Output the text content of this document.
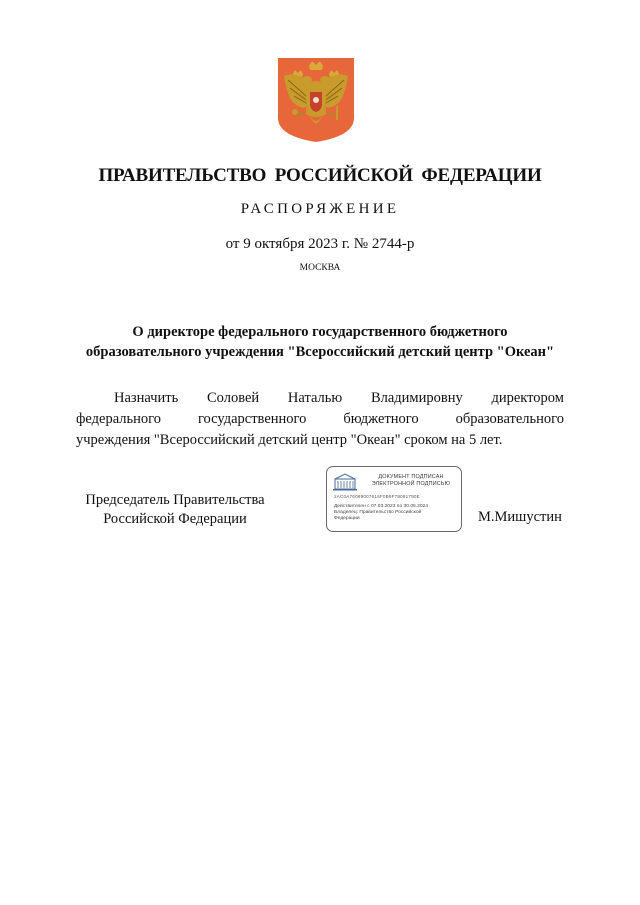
ПРАВИТЕЛЬСТВО РОССИЙСКОЙ ФЕДЕРАЦИИ
РАСПОРЯЖЕНИЕ
от 9 октября 2023 г. № 2744-р
МОСКВА
О директоре федерального государственного бюджетного
образовательного учреждения "Всероссийский детский центр "Океан"
Назначить Соловей Наталью Владимировну директором
федерального	государственного	бюджетного	образовательного
учреждения "Всероссийский детский центр "Океан" сроком на 5 лет.
Председатель Правительства
Российской Федерации
ДОКУМЕНТ ПОДПИСАН
ЭЛЕКТРОННОЙ ПОДПИСЬЮ
2AC0A76069007616F0B9F78091790E
Действителен с 07.03.2023 по 30.05.2024
Владелец: Правительство Российской
Федерации	М.Мишустин
